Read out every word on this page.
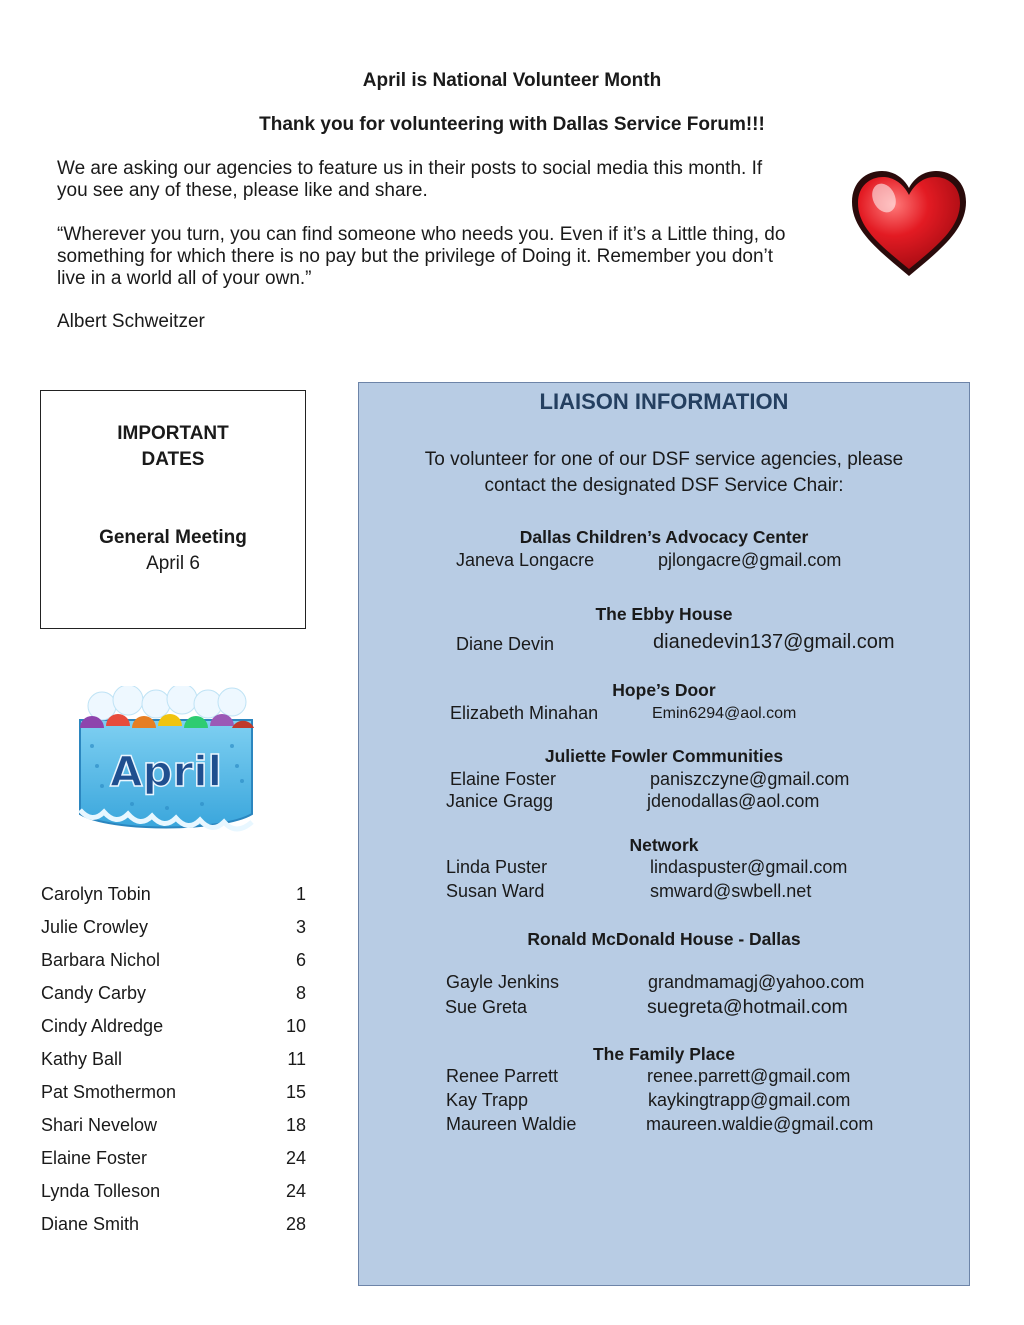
April is National Volunteer Month
Thank you for volunteering with Dallas Service Forum!!!
We are asking our agencies to feature us in their posts to social media this month. If
you see any of these, please like and share.
“Wherever you turn, you can find someone who needs you. Even if it’s a Little thing, do
something for which there is no pay but the privilege of Doing it. Remember you don’t
live in a world all of your own.”
Albert Schweitzer
IMPORTANT
DATES
General Meeting
April 6
April
Carolyn Tobin	1
Julie Crowley	3
Barbara Nichol	6
Candy Carby	8
Cindy Aldredge	10
Kathy Ball	11
Pat Smothermon	15
Shari Nevelow	18
Elaine Foster	24
Lynda Tolleson	24
Diane Smith	28
LIAISON INFORMATION
To volunteer for one of our DSF service agencies, please
contact the designated DSF Service Chair:
Dallas Children’s Advocacy Center
Janeva Longacre	pjlongacre@gmail.com
The Ebby House
Diane Devin	dianedevin137@gmail.com
Hope’s Door
Elizabeth Minahan	Emin6294@aol.com
Juliette Fowler Communities
Elaine Foster	paniszczyne@gmail.com
Janice Gragg	jdenodallas@aol.com
Network
Linda Puster	lindaspuster@gmail.com
Susan Ward	smward@swbell.net
Ronald McDonald House - Dallas
Gayle Jenkins	grandmamagj@yahoo.com
Sue Greta	suegreta@hotmail.com
The Family Place
Renee Parrett	renee.parrett@gmail.com
Kay Trapp	kaykingtrapp@gmail.com
Maureen Waldie	maureen.waldie@gmail.com
